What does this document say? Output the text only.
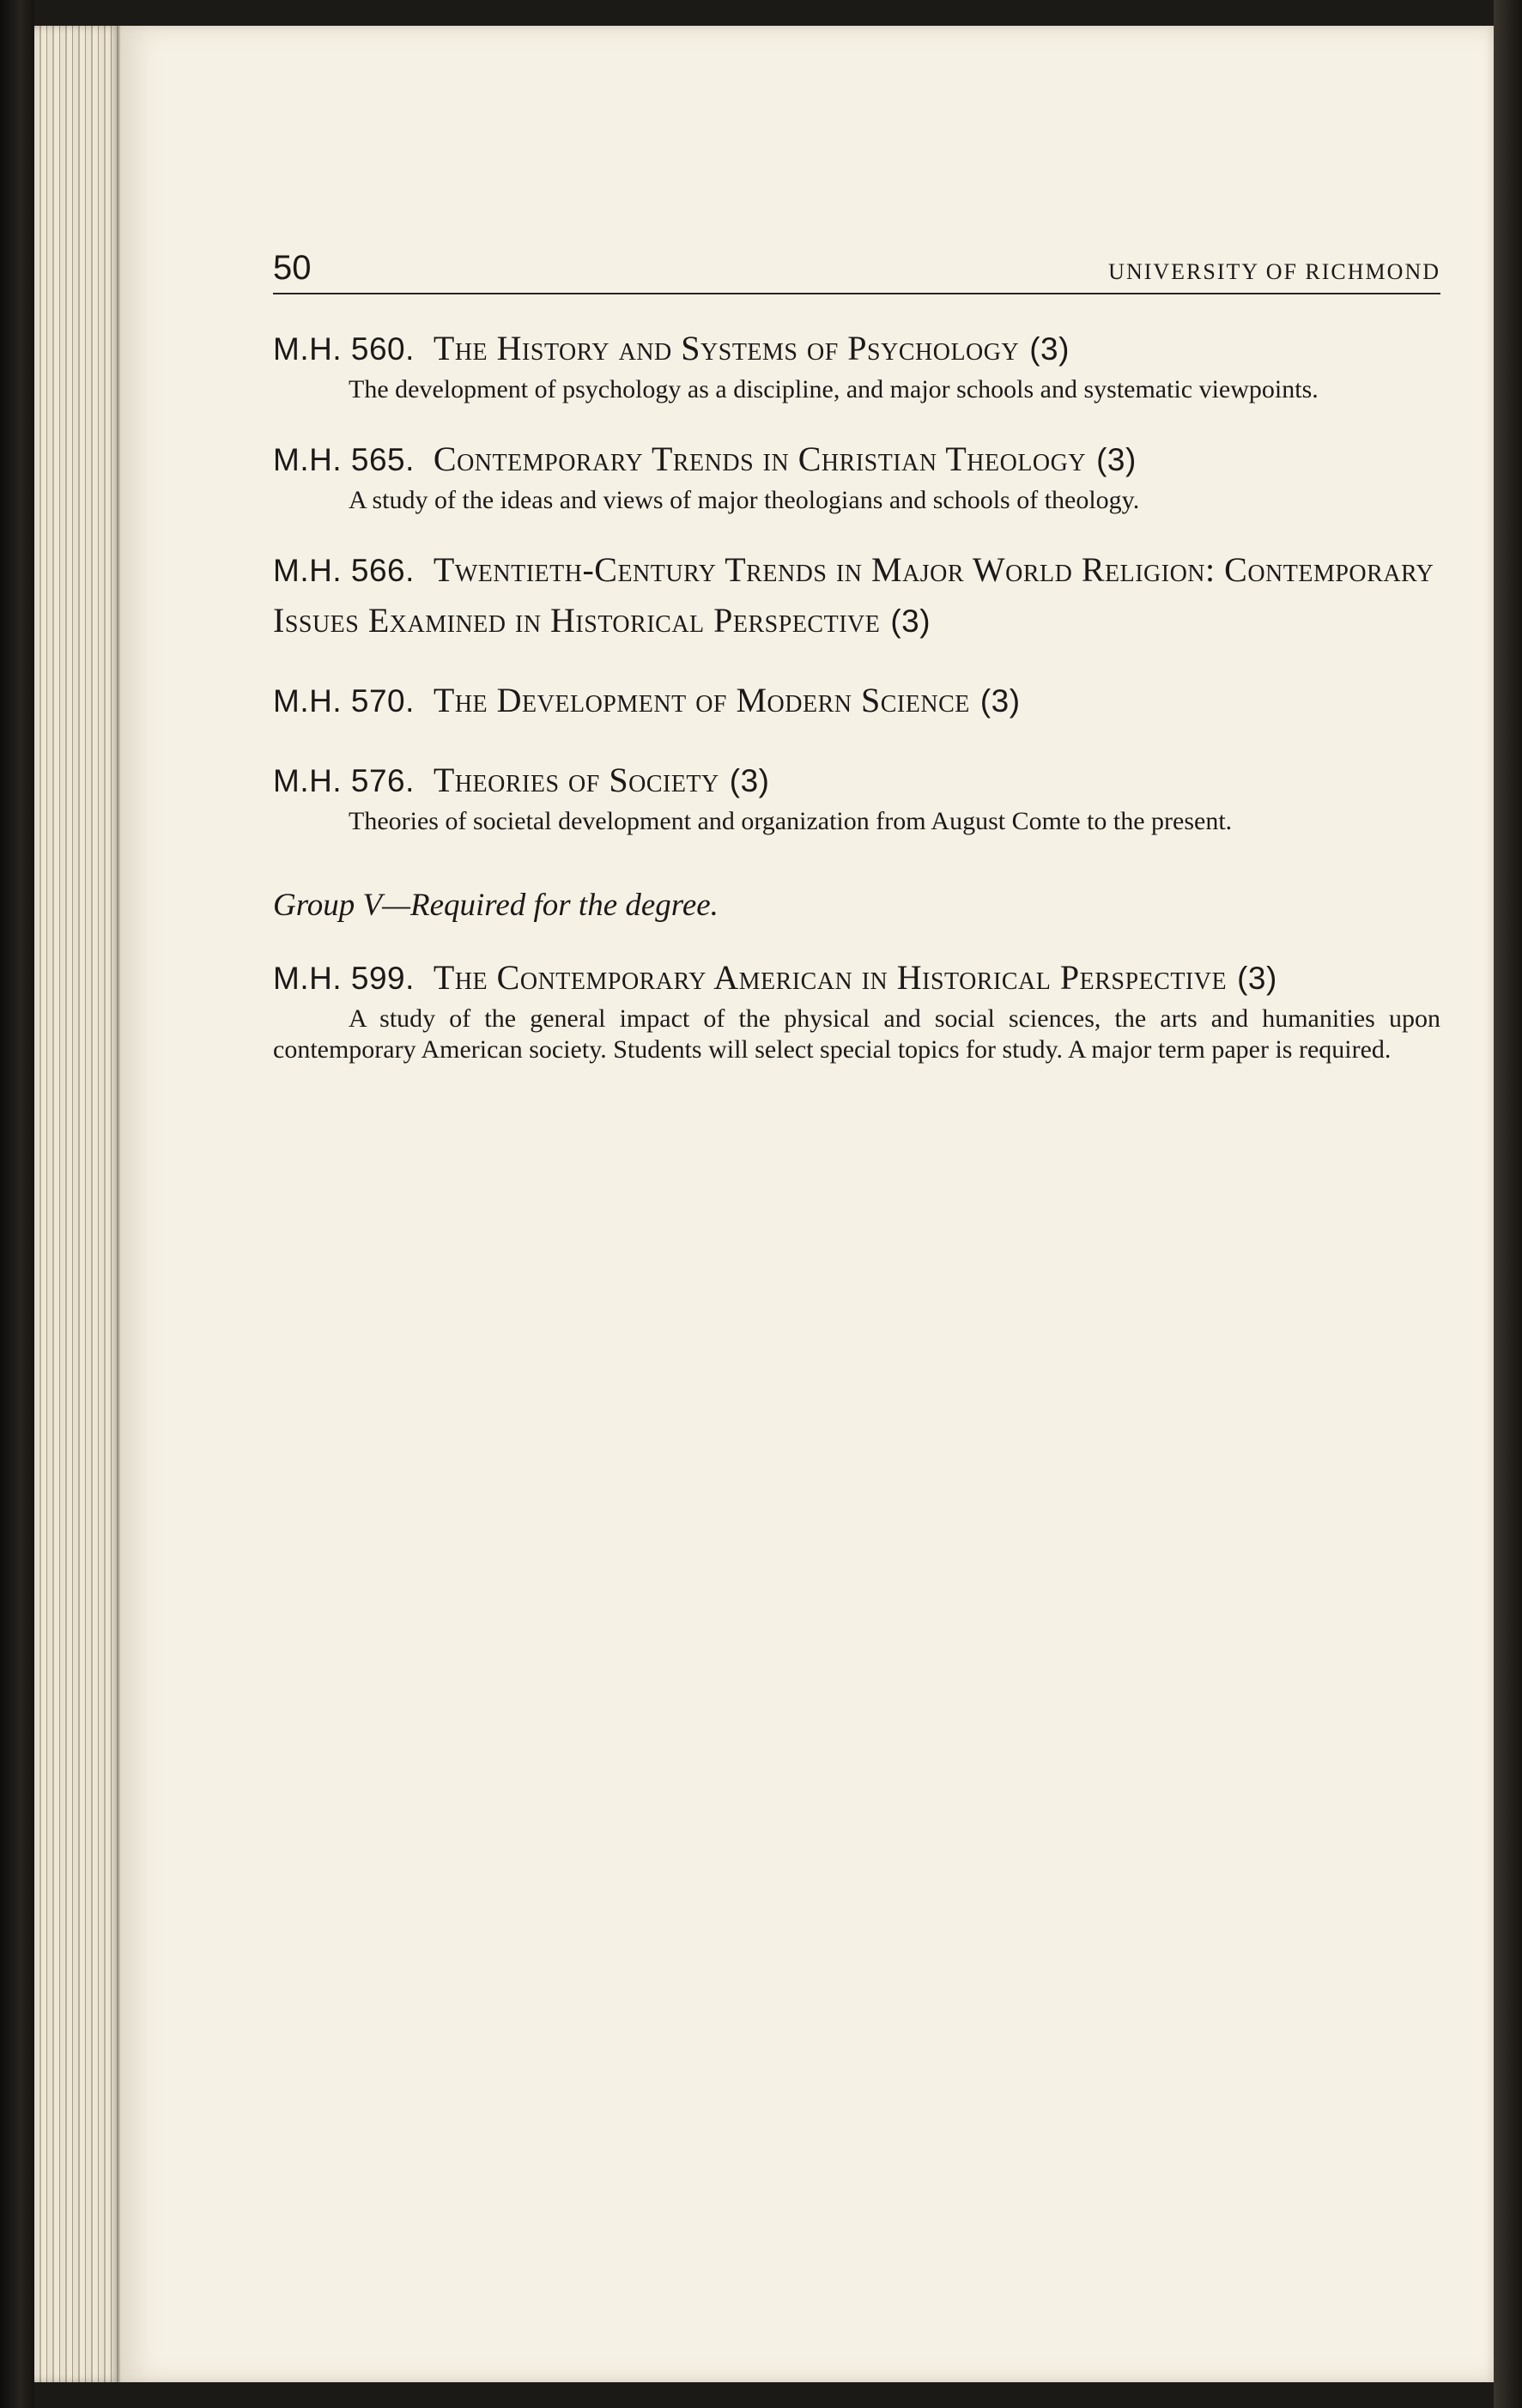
50	UNIVERSITY OF RICHMOND
M.H. 560. The History and Systems of Psychology (3)

The development of psychology as a discipline, and major schools and systematic viewpoints.

M.H. 565. Contemporary Trends in Christian Theology (3)

A study of the ideas and views of major theologians and schools of theology.

M.H. 566. Twentieth-Century Trends in Major World Religion: Contemporary Issues Examined in Historical Perspective (3)
M.H. 570. The Development of Modern Science (3)
M.H. 576. Theories of Society (3)

Theories of societal development and organization from August Comte to the present.

Group V—Required for the degree.
M.H. 599. The Contemporary American in Historical Perspective (3)

A study of the general impact of the physical and social sciences, the arts and humanities upon contemporary American society. Students will select special topics for study. A major term paper is required.
